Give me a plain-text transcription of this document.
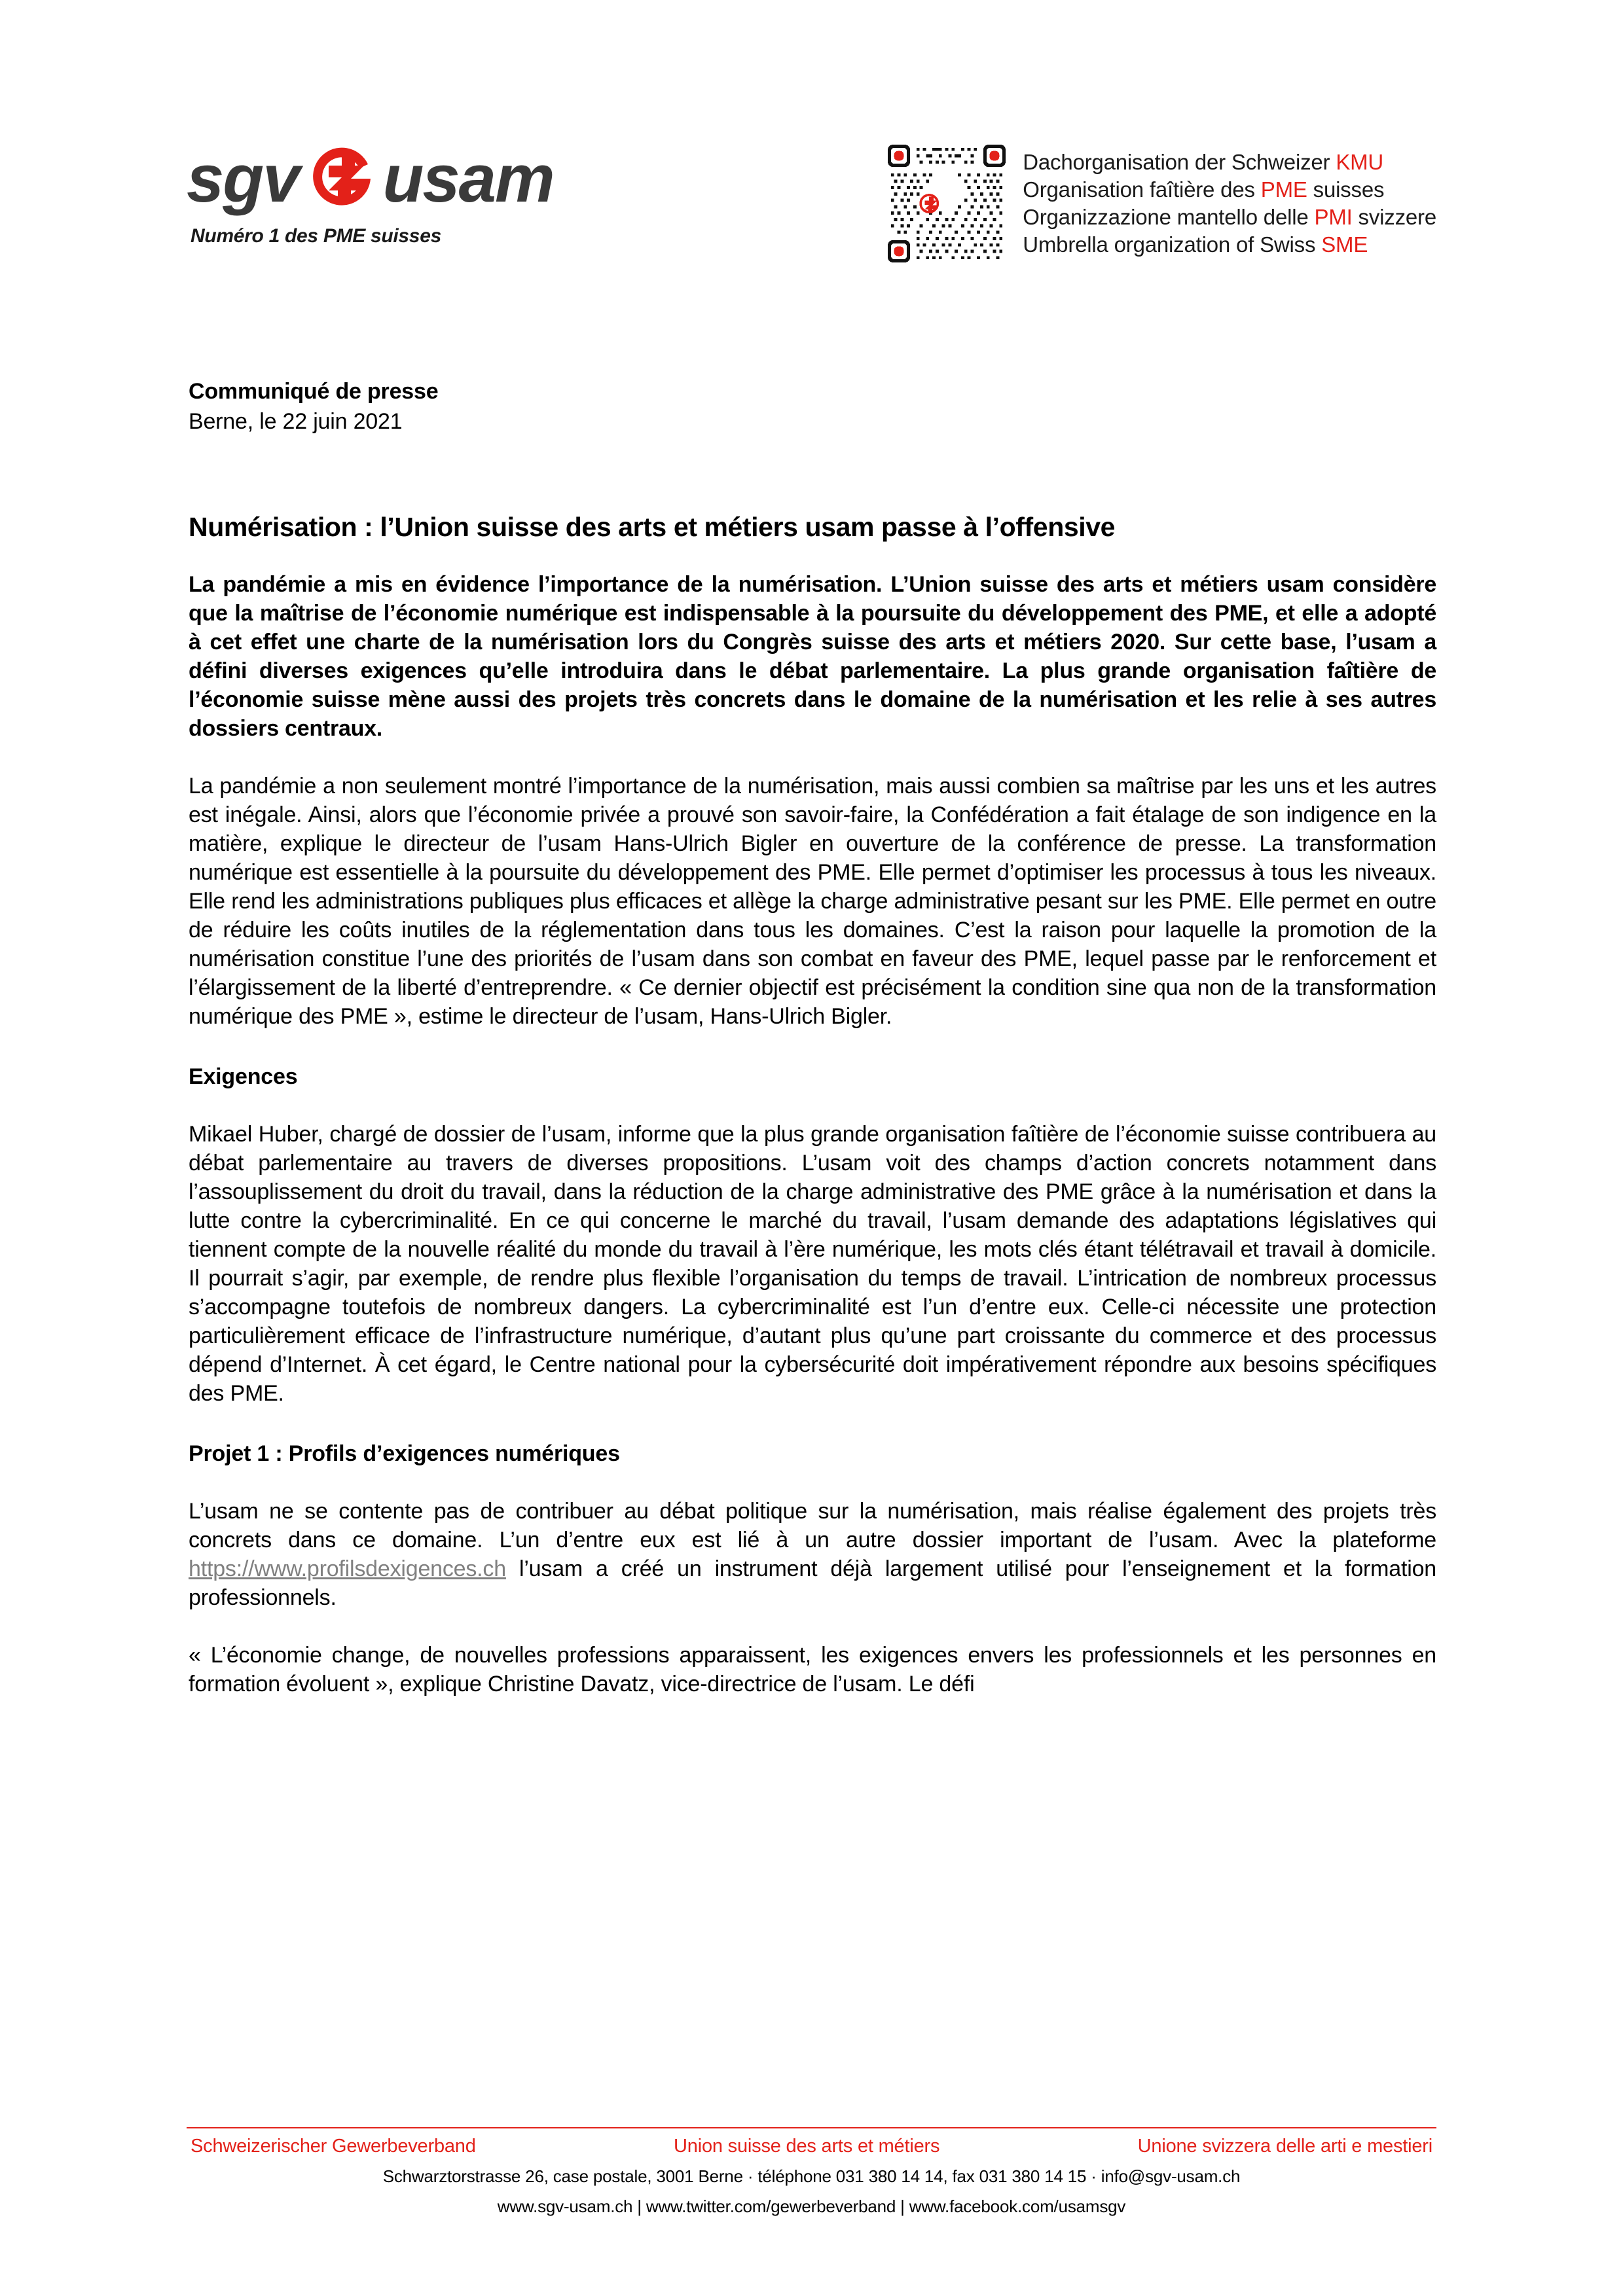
sgv usam
Numéro 1 des PME suisses
Dachorganisation der Schweizer KMU
Organisation faîtière des PME suisses
Organizzazione mantello delle PMI svizzere
Umbrella organization of Swiss SME
Communiqué de presse
Berne, le 22 juin 2021
Numérisation : l’Union suisse des arts et métiers usam passe à l’offensive

La pandémie a mis en évidence l’importance de la numérisation. L’Union suisse des arts et métiers usam considère que la maîtrise de l’économie numérique est indispensable à la poursuite du développement des PME, et elle a adopté à cet effet une charte de la numérisation lors du Congrès suisse des arts et métiers 2020. Sur cette base, l’usam a défini diverses exigences qu’elle introduira dans le débat parlementaire. La plus grande organisation faîtière de l’économie suisse mène aussi des projets très concrets dans le domaine de la numérisation et les relie à ses autres dossiers centraux.

La pandémie a non seulement montré l’importance de la numérisation, mais aussi combien sa maîtrise par les uns et les autres est inégale. Ainsi, alors que l’économie privée a prouvé son savoir-faire, la Confédération a fait étalage de son indigence en la matière, explique le directeur de l’usam Hans-Ulrich Bigler en ouverture de la conférence de presse. La transformation numérique est essentielle à la poursuite du développement des PME. Elle permet d’optimiser les processus à tous les niveaux. Elle rend les administrations publiques plus efficaces et allège la charge administrative pesant sur les PME. Elle permet en outre de réduire les coûts inutiles de la réglementation dans tous les domaines. C’est la raison pour laquelle la promotion de la numérisation constitue l’une des priorités de l’usam dans son combat en faveur des PME, lequel passe par le renforcement et l’élargissement de la liberté d’entreprendre. « Ce dernier objectif est précisément la condition sine qua non de la transformation numérique des PME », estime le directeur de l’usam, Hans-Ulrich Bigler.

Exigences

Mikael Huber, chargé de dossier de l’usam, informe que la plus grande organisation faîtière de l’économie suisse contribuera au débat parlementaire au travers de diverses propositions. L’usam voit des champs d’action concrets notamment dans l’assouplissement du droit du travail, dans la réduction de la charge administrative des PME grâce à la numérisation et dans la lutte contre la cybercriminalité. En ce qui concerne le marché du travail, l’usam demande des adaptations législatives qui tiennent compte de la nouvelle réalité du monde du travail à l’ère numérique, les mots clés étant télétravail et travail à domicile. Il pourrait s’agir, par exemple, de rendre plus flexible l’organisation du temps de travail. L’intrication de nombreux processus s’accompagne toutefois de nombreux dangers. La cybercriminalité est l’un d’entre eux. Celle-ci nécessite une protection particulièrement efficace de l’infrastructure numérique, d’autant plus qu’une part croissante du commerce et des processus dépend d’Internet. À cet égard, le Centre national pour la cybersécurité doit impérativement répondre aux besoins spécifiques des PME.

Projet 1 : Profils d’exigences numériques

L’usam ne se contente pas de contribuer au débat politique sur la numérisation, mais réalise également des projets très concrets dans ce domaine. L’un d’entre eux est lié à un autre dossier important de l’usam. Avec la plateforme https://www.profilsdexigences.ch l’usam a créé un instrument déjà largement utilisé pour l’enseignement et la formation professionnels.

« L’économie change, de nouvelles professions apparaissent, les exigences envers les professionnels et les personnes en formation évoluent », explique Christine Davatz, vice-directrice de l’usam. Le défi

Schweizerischer Gewerbeverband	Union suisse des arts et métiers	Unione svizzera delle arti e mestieri
Schwarztorstrasse 26, case postale, 3001 Berne · téléphone 031 380 14 14, fax 031 380 14 15 · info@sgv-usam.ch
www.sgv-usam.ch | www.twitter.com/gewerbeverband | www.facebook.com/usamsgv
